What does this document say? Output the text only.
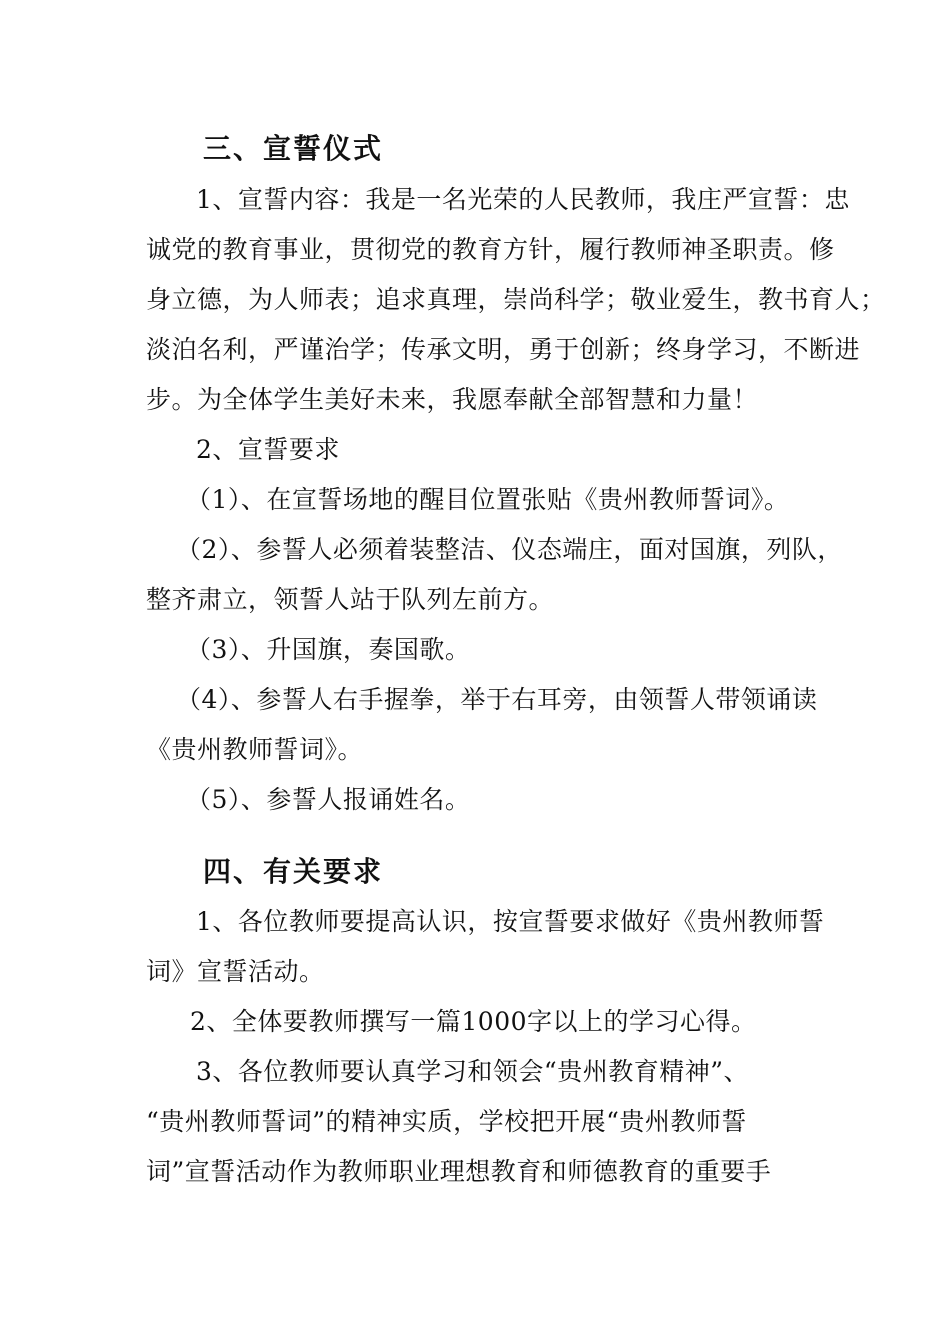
三、宣誓仪式
1、宣誓内容：我是一名光荣的人民教师，我庄严宣誓：忠
诚党的教育事业，贯彻党的教育方针，履行教师神圣职责。修
身立德，为人师表；追求真理，崇尚科学；敬业爱生，教书育人；
淡泊名利，严谨治学；传承文明，勇于创新；终身学习，不断进
步。为全体学生美好未来，我愿奉献全部智慧和力量！
2、宣誓要求
（1）、在宣誓场地的醒目位置张贴《贵州教师誓词》。
（2）、参誓人必须着装整洁、仪态端庄，面对国旗，列队，
整齐肃立，领誓人站于队列左前方。
（3）、升国旗，奏国歌。
（4）、参誓人右手握拳，举于右耳旁，由领誓人带领诵读
《贵州教师誓词》。
（5）、参誓人报诵姓名。
四、有关要求
1、各位教师要提高认识，按宣誓要求做好《贵州教师誓
词》宣誓活动。
2、全体要教师撰写一篇1000字以上的学习心得。
3、各位教师要认真学习和领会“贵州教育精神”、
“贵州教师誓词”的精神实质，学校把开展“贵州教师誓
词”宣誓活动作为教师职业理想教育和师德教育的重要手
